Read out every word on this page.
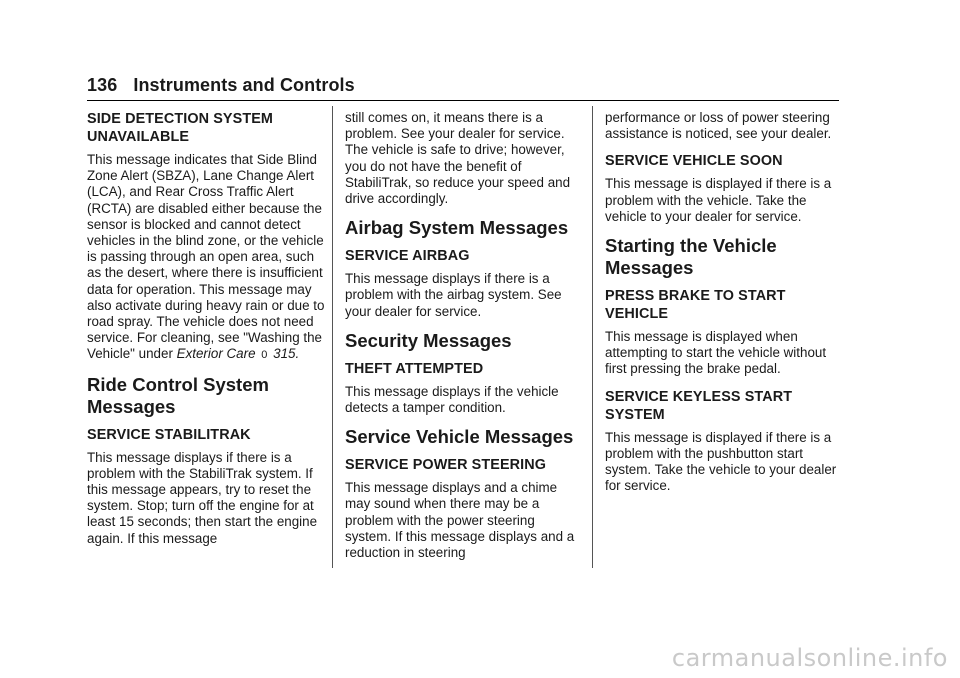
136 Instruments and Controls
SIDE DETECTION SYSTEM UNAVAILABLE

This message indicates that Side Blind Zone Alert (SBZA), Lane Change Alert (LCA), and Rear Cross Traffic Alert (RCTA) are disabled either because the sensor is blocked and cannot detect vehicles in the blind zone, or the vehicle is passing through an open area, such as the desert, where there is insufficient data for operation. This message may also activate during heavy rain or due to road spray. The vehicle does not need service. For cleaning, see "Washing the Vehicle" under Exterior Care 0 315.

Ride Control System Messages
SERVICE STABILITRAK

This message displays if there is a problem with the StabiliTrak system. If this message appears, try to reset the system. Stop; turn off the engine for at least 15 seconds; then start the engine again. If this message

still comes on, it means there is a problem. See your dealer for service. The vehicle is safe to drive; however, you do not have the benefit of StabiliTrak, so reduce your speed and drive accordingly.

Airbag System Messages
SERVICE AIRBAG

This message displays if there is a problem with the airbag system. See your dealer for service.

Security Messages
THEFT ATTEMPTED

This message displays if the vehicle detects a tamper condition.

Service Vehicle Messages
SERVICE POWER STEERING

This message displays and a chime may sound when there may be a problem with the power steering system. If this message displays and a reduction in steering

performance or loss of power steering assistance is noticed, see your dealer.

SERVICE VEHICLE SOON

This message is displayed if there is a problem with the vehicle. Take the vehicle to your dealer for service.

Starting the Vehicle Messages
PRESS BRAKE TO START VEHICLE

This message is displayed when attempting to start the vehicle without first pressing the brake pedal.

SERVICE KEYLESS START SYSTEM

This message is displayed if there is a problem with the pushbutton start system. Take the vehicle to your dealer for service.

carmanualsonline.info
